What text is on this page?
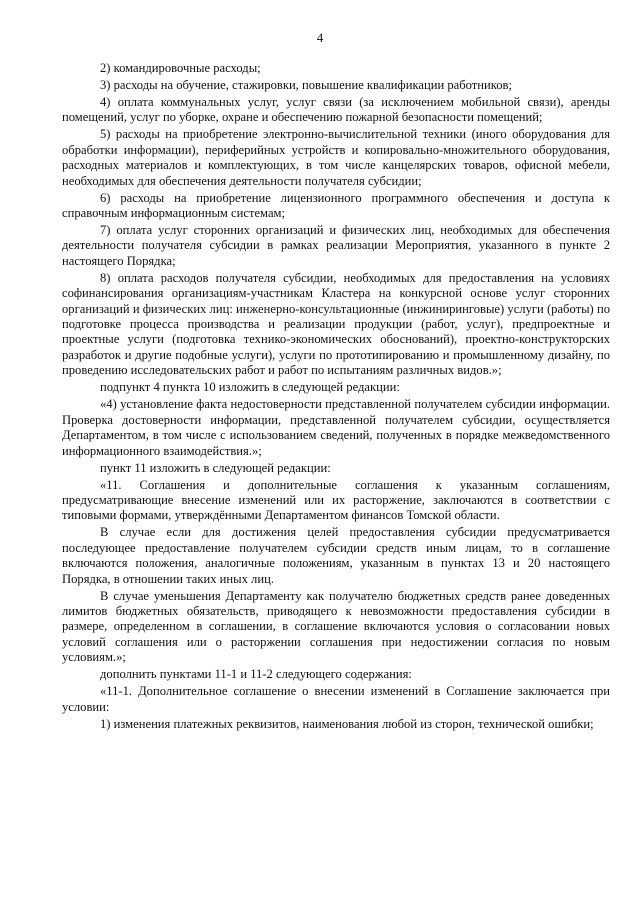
4

2) командировочные расходы;

3) расходы на обучение, стажировки, повышение квалификации работников;

4) оплата коммунальных услуг, услуг связи (за исключением мобильной связи), аренды помещений, услуг по уборке, охране и обеспечению пожарной безопасности помещений;

5) расходы на приобретение электронно-вычислительной техники (иного оборудования для обработки информации), периферийных устройств и копировально-множительного оборудования, расходных материалов и комплектующих, в том числе канцелярских товаров, офисной мебели, необходимых для обеспечения деятельности получателя субсидии;

6) расходы на приобретение лицензионного программного обеспечения и доступа к справочным информационным системам;

7) оплата услуг сторонних организаций и физических лиц, необходимых для обеспечения деятельности получателя субсидии в рамках реализации Мероприятия, указанного в пункте 2 настоящего Порядка;

8) оплата расходов получателя субсидии, необходимых для предоставления на условиях софинансирования организациям-участникам Кластера на конкурсной основе услуг сторонних организаций и физических лиц: инженерно-консультационные (инжиниринговые) услуги (работы) по подготовке процесса производства и реализации продукции (работ, услуг), предпроектные и проектные услуги (подготовка технико-экономических обоснований), проектно-конструкторских разработок и другие подобные услуги), услуги по прототипированию и промышленному дизайну, по проведению исследовательских работ и работ по испытаниям различных видов.»;

подпункт 4 пункта 10 изложить в следующей редакции:

«4) установление факта недостоверности представленной получателем субсидии информации. Проверка достоверности информации, представленной получателем субсидии, осуществляется Департаментом, в том числе с использованием сведений, полученных в порядке межведомственного информационного взаимодействия.»;

пункт 11 изложить в следующей редакции:

«11. Соглашения и дополнительные соглашения к указанным соглашениям, предусматривающие внесение изменений или их расторжение, заключаются в соответствии с типовыми формами, утверждёнными Департаментом финансов Томской области.

В случае если для достижения целей предоставления субсидии предусматривается последующее предоставление получателем субсидии средств иным лицам, то в соглашение включаются положения, аналогичные положениям, указанным в пунктах 13 и 20 настоящего Порядка, в отношении таких иных лиц.

В случае уменьшения Департаменту как получателю бюджетных средств ранее доведенных лимитов бюджетных обязательств, приводящего к невозможности предоставления субсидии в размере, определенном в соглашении, в соглашение включаются условия о согласовании новых условий соглашения или о расторжении соглашения при недостижении согласия по новым условиям.»;

дополнить пунктами 11-1 и 11-2 следующего содержания:

«11-1. Дополнительное соглашение о внесении изменений в Соглашение заключается при условии:

1) изменения платежных реквизитов, наименования любой из сторон, технической ошибки;
